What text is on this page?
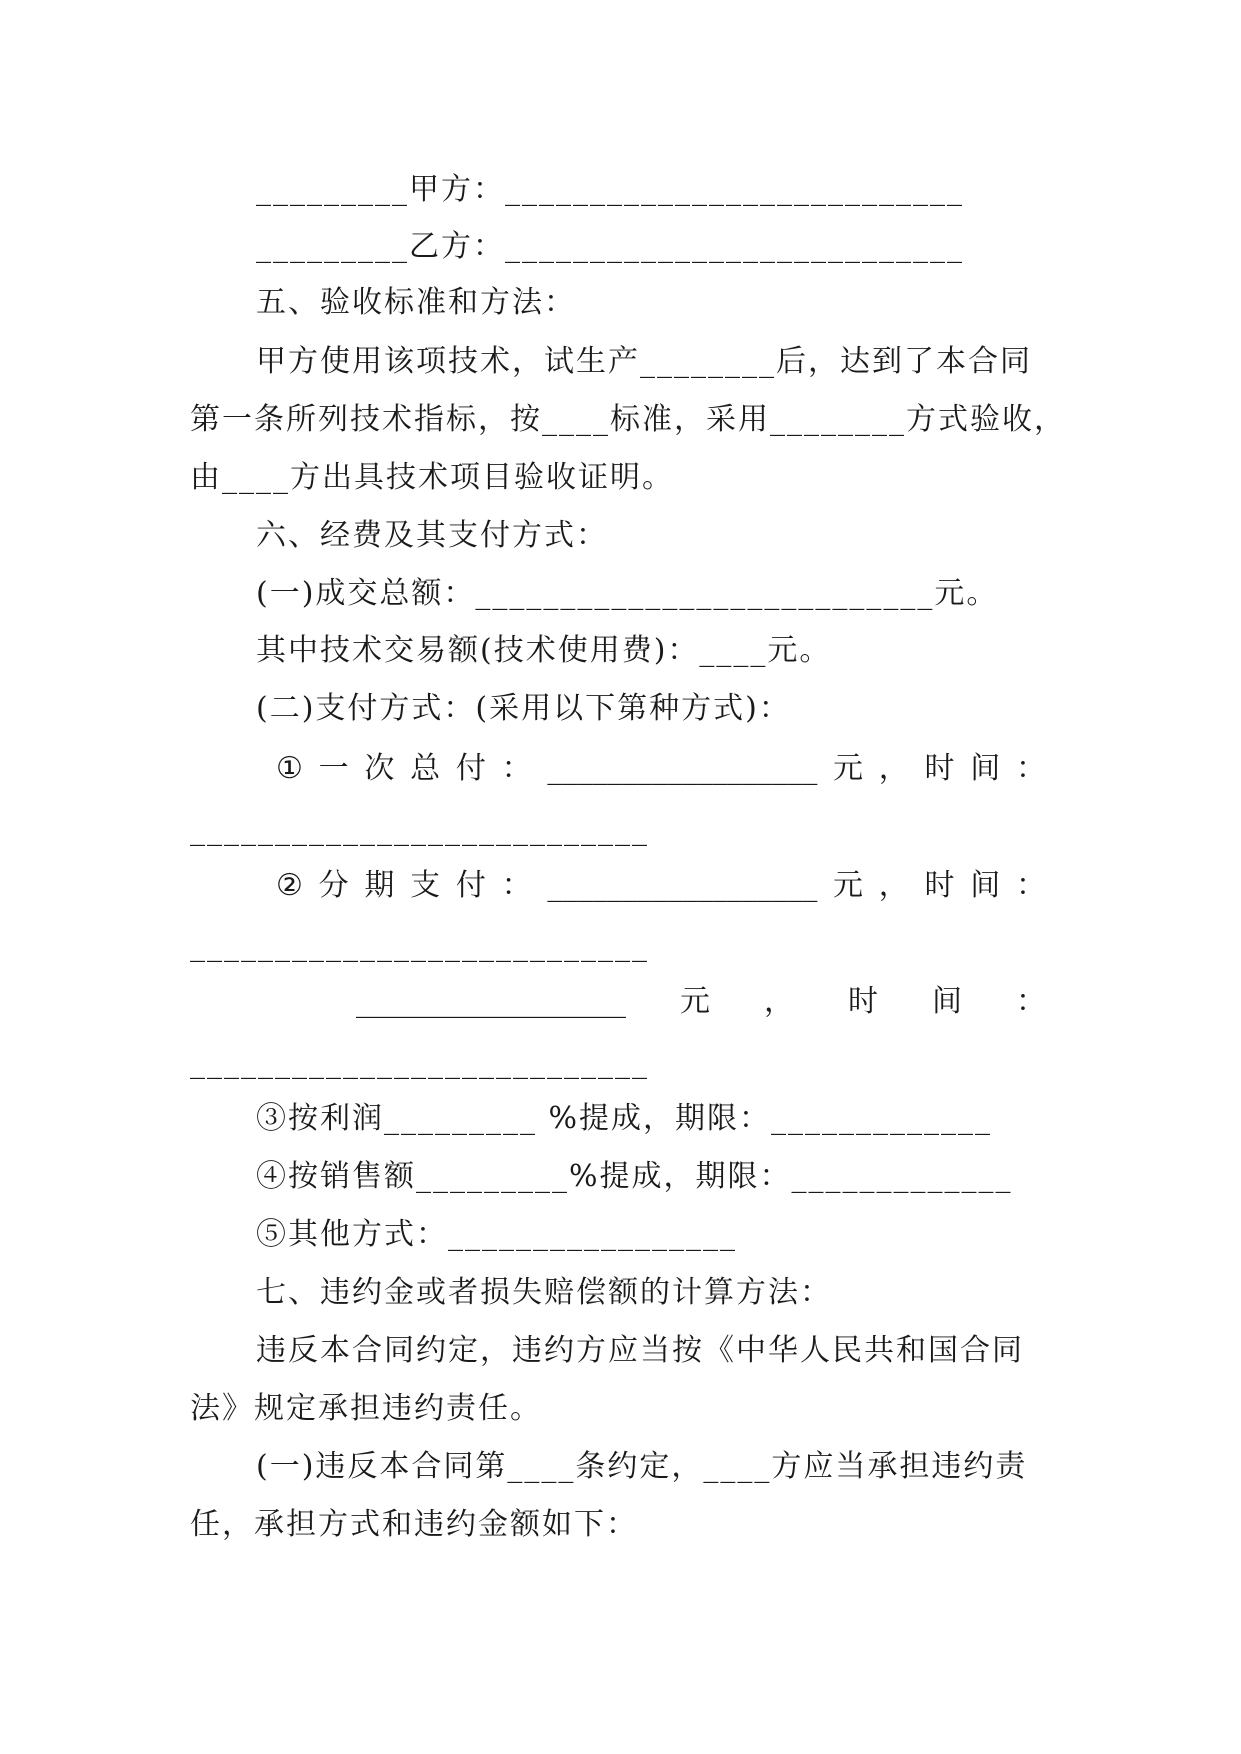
_________甲方：___________________________
_________乙方：___________________________
五、验收标准和方法：
甲方使用该项技术，试生产________后，达到了本合同
第一条所列技术指标，按____标准，采用________方式验收，
由____方出具技术项目验收证明。
六、经费及其支付方式：
(一)成交总额：___________________________元。
其中技术交易额(技术使用费)：____元。
(二)支付方式：(采用以下第种方式)：
① 一 次 总 付 ： __________________ 元 ， 时 间 ：
___________________________
② 分 期 支 付 ： __________________ 元 ， 时 间 ：
___________________________
__________________ 元 ， 时 间 ：
___________________________
③按利润_________ %提成，期限：_____________
④按销售额_________%提成，期限：_____________
⑤其他方式：_________________
七、违约金或者损失赔偿额的计算方法：
违反本合同约定，违约方应当按《中华人民共和国合同
法》规定承担违约责任。
(一)违反本合同第____条约定，____方应当承担违约责
任，承担方式和违约金额如下：
